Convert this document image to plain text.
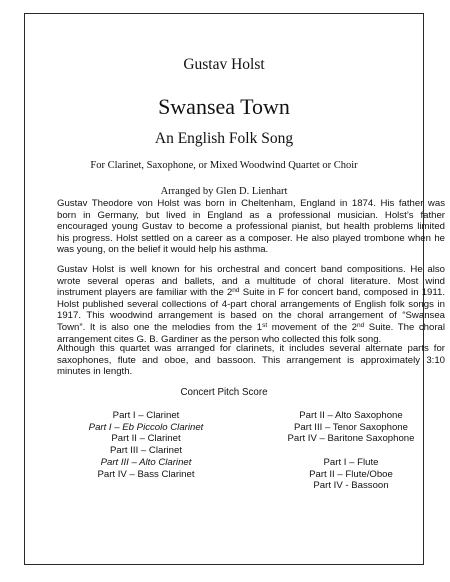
Gustav Holst
Swansea Town
An English Folk Song
For Clarinet, Saxophone, or Mixed Woodwind Quartet or Choir
Arranged by Glen D. Lienhart

Gustav Theodore von Holst was born in Cheltenham, England in 1874. His father was
born in Germany, but lived in England as a professional musician. Holst’s father
encouraged young Gustav to become a professional pianist, but health problems limited
his progress. Holst settled on a career as a composer. He also played trombone when he
was young, on the belief it would help his asthma.

Gustav Holst is well known for his orchestral and concert band compositions. He also
wrote several operas and ballets, and a multitude of choral literature. Most wind
instrument players are familiar with the 2nd Suite in F for concert band, composed in 1911.
Holst published several collections of 4-part choral arrangements of English folk songs in
1917. This woodwind arrangement is based on the choral arrangement of “Swansea
Town”. It is also one the melodies from the 1st movement of the 2nd Suite. The choral
arrangement cites G. B. Gardiner as the person who collected this folk song.

Although this quartet was arranged for clarinets, it includes several alternate parts for
saxophones, flute and oboe, and bassoon. This arrangement is approximately 3:10
minutes in length.

Concert Pitch Score
Part I – Clarinet
Part I – Eb Piccolo Clarinet
Part II – Clarinet
Part III – Clarinet
Part III – Alto Clarinet
Part IV – Bass Clarinet
Part II – Alto Saxophone
Part III – Tenor Saxophone
Part IV – Baritone Saxophone
Part I – Flute
Part II – Flute/Oboe
Part IV - Bassoon
